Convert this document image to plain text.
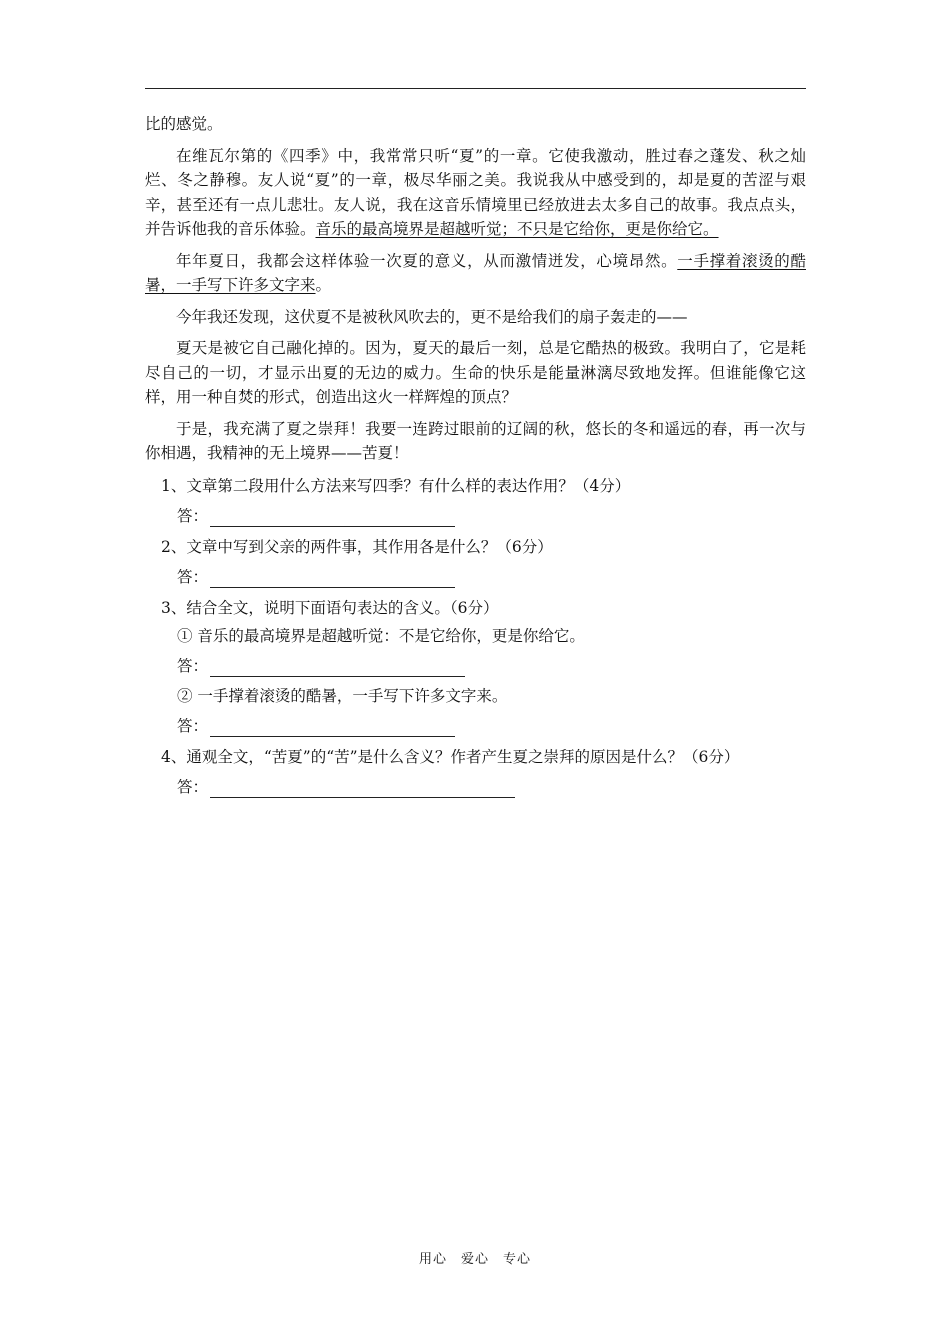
比的感觉。

在维瓦尔第的《四季》中，我常常只听“夏”的一章。它使我激动，胜过春之蓬发、秋之灿烂、冬之静穆。友人说“夏”的一章，极尽华丽之美。我说我从中感受到的，却是夏的苦涩与艰辛，甚至还有一点儿悲壮。友人说，我在这音乐情境里已经放进去太多自己的故事。我点点头，并告诉他我的音乐体验。音乐的最高境界是超越听觉；不只是它给你，更是你给它。

年年夏日，我都会这样体验一次夏的意义，从而激情迸发，心境昂然。一手撑着滚烫的酷暑，一手写下许多文字来。

今年我还发现，这伏夏不是被秋风吹去的，更不是给我们的扇子轰走的——

夏天是被它自己融化掉的。因为，夏天的最后一刻，总是它酷热的极致。我明白了，它是耗尽自己的一切，才显示出夏的无边的威力。生命的快乐是能量淋漓尽致地发挥。但谁能像它这样，用一种自焚的形式，创造出这火一样辉煌的顶点？

于是，我充满了夏之崇拜！我要一连跨过眼前的辽阔的秋，悠长的冬和遥远的春，再一次与你相遇，我精神的无上境界——苦夏！

1、文章第二段用什么方法来写四季？有什么样的表达作用？（4分）
答：
2、文章中写到父亲的两件事，其作用各是什么？（6分）
答：
3、结合全文，说明下面语句表达的含义。（6分）
① 音乐的最高境界是超越听觉：不是它给你，更是你给它。
答：
② 一手撑着滚烫的酷暑，一手写下许多文字来。
答：
4、通观全文，“苦夏”的“苦”是什么含义？作者产生夏之崇拜的原因是什么？（6分）
答：
用心　爱心　专心
